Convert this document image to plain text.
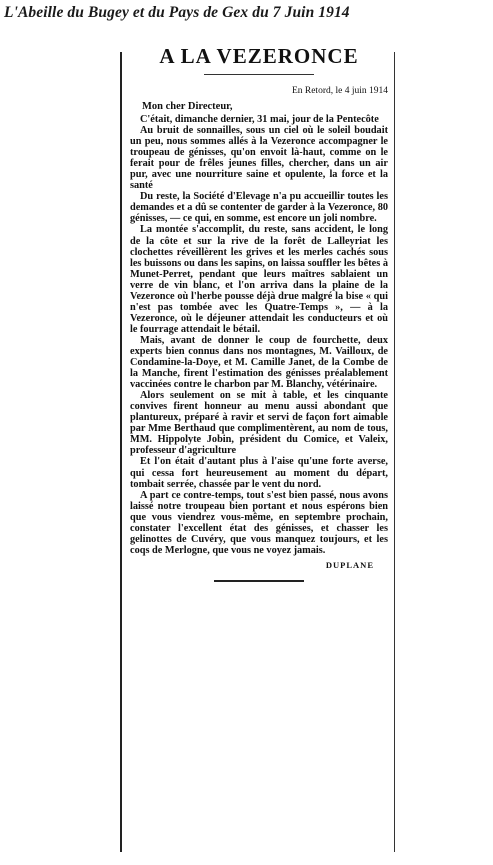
L'Abeille du Bugey et du Pays de Gex du 7 Juin 1914
A LA VEZERONCE
En Retord, le 4 juin 1914
Mon cher Directeur,

C'était, dimanche dernier, 31 mai, jour de la Pentecôte

Au bruit de sonnailles, sous un ciel où le soleil boudait un peu, nous sommes allés à la Vezeronce accompagner le troupeau de génisses, qu'on envoit là-haut, comme on le ferait pour de frêles jeunes filles, chercher, dans un air pur, avec une nourriture saine et opulente, la force et la santé

Du reste, la Société d'Elevage n'a pu accueillir toutes les demandes et a dû se contenter de garder à la Vezeronce, 80 génisses, — ce qui, en somme, est encore un joli nombre.

La montée s'accomplit, du reste, sans accident, le long de la côte et sur la rive de la forêt de Lalleyriat les clochettes réveillèrent les grives et les merles cachés sous les buissons ou dans les sapins, on laissa souffler les bêtes à Munet-Perret, pendant que leurs maîtres sablaient un verre de vin blanc, et l'on arriva dans la plaine de la Vezeronce où l'herbe pousse déjà drue malgré la bise « qui n'est pas tombée avec les Quatre-Temps », — à la Vezeronce, où le déjeuner attendait les conducteurs et où le fourrage attendait le bétail.

Mais, avant de donner le coup de fourchette, deux experts bien connus dans nos montagnes, M. Vailloux, de Condamine-la-Doye, et M. Camille Janet, de la Combe de la Manche, firent l'estimation des génisses préalablement vaccinées contre le charbon par M. Blanchy, vétérinaire.

Alors seulement on se mit à table, et les cinquante convives firent honneur au menu aussi abondant que plantureux, préparé à ravir et servi de façon fort aimable par Mme Berthaud que complimentèrent, au nom de tous, MM. Hippolyte Jobin, président du Comice, et Valeix, professeur d'agriculture

Et l'on était d'autant plus à l'aise qu'une forte averse, qui cessa fort heureusement au moment du départ, tombait serrée, chassée par le vent du nord.

A part ce contre-temps, tout s'est bien passé, nous avons laissé notre troupeau bien portant et nous espérons bien que vous viendrez vous-même, en septembre prochain, constater l'excellent état des génisses, et chasser les gelinottes de Cuvéry, que vous manquez toujours, et les coqs de Merlogne, que vous ne voyez jamais.

DUPLANE
